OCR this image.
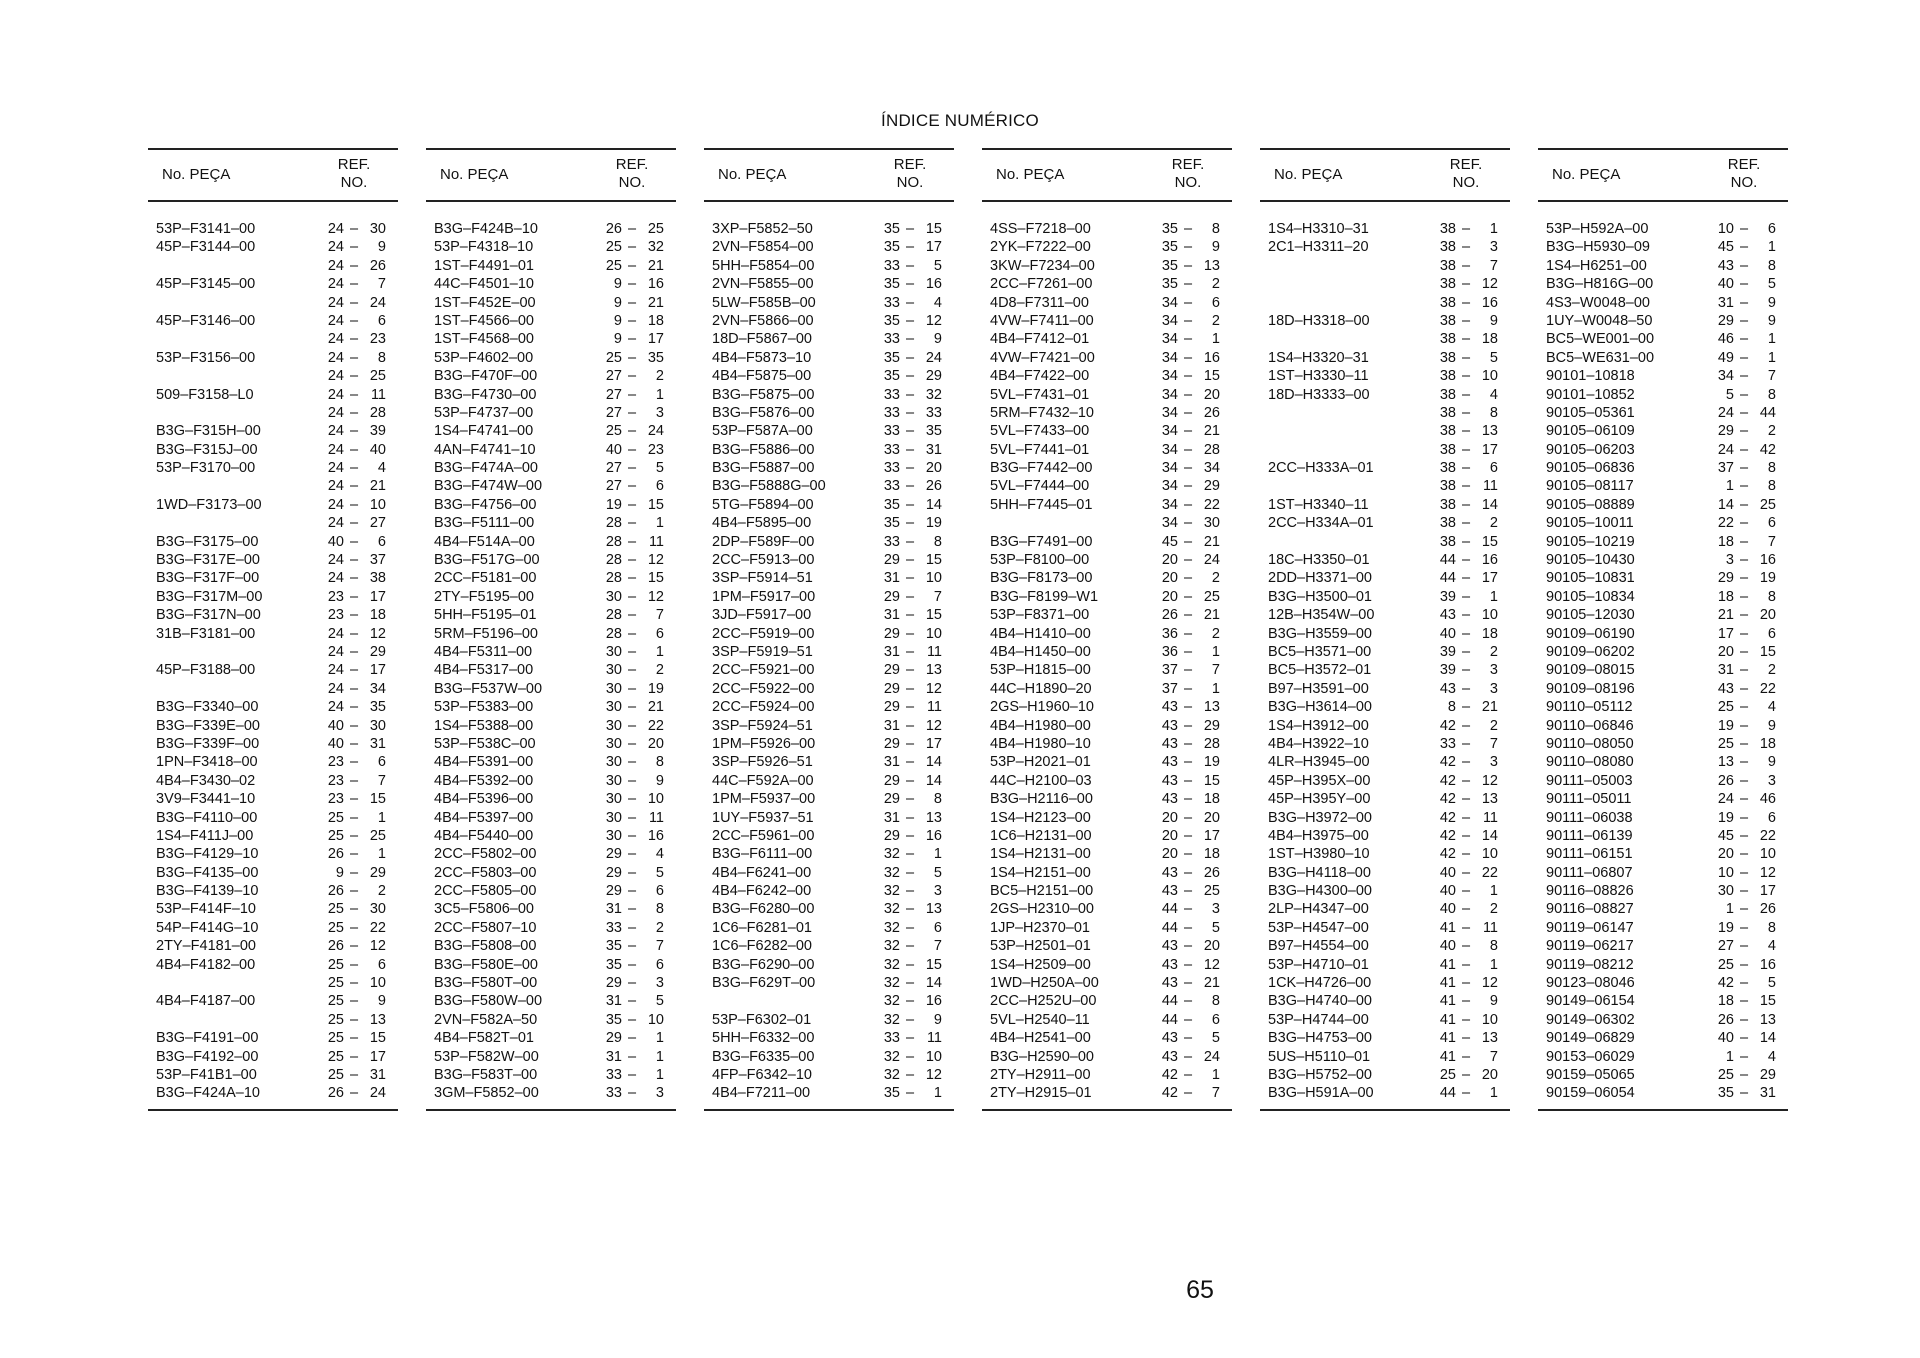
ÍNDICE NUMÉRICO
No. PEÇA
REF.
NO.
53P–F3141–00	24 – 30
45P–F3144–00	24 –	9
24 – 26
45P–F3145–00	24 –	7
24 – 24
45P–F3146–00	24 –	6
24 – 23
53P–F3156–00	24 –	8
24 – 25
509–F3158–L0	24 – 11
24 – 28
B3G–F315H–00	24 – 39
B3G–F315J–00	24 – 40
53P–F3170–00	24 –	4
24 – 21
1WD–F3173–00	24 – 10
24 – 27
B3G–F3175–00	40 –	6
B3G–F317E–00	24 – 37
B3G–F317F–00	24 – 38
B3G–F317M–00	23 – 17
B3G–F317N–00	23 – 18
31B–F3181–00	24 – 12
24 – 29
45P–F3188–00	24 – 17
24 – 34
B3G–F3340–00	24 – 35
B3G–F339E–00	40 – 30
B3G–F339F–00	40 – 31
1PN–F3418–00	23 –	6
4B4–F3430–02	23 –	7
3V9–F3441–10	23 – 15
B3G–F4110–00	25 –	1
1S4–F411J–00	25 – 25
B3G–F4129–10	26 –	1
B3G–F4135–00	9 – 29
B3G–F4139–10	26 –	2
53P–F414F–10	25 – 30
54P–F414G–10	25 – 22
2TY–F4181–00	26 – 12
4B4–F4182–00	25 –	6
25 – 10
4B4–F4187–00	25 –	9
25 – 13
B3G–F4191–00	25 – 15
B3G–F4192–00	25 – 17
53P–F41B1–00	25 – 31
B3G–F424A–10	26 – 24
No. PEÇA
REF.
NO.
B3G–F424B–10	26 – 25
53P–F4318–10	25 – 32
1ST–F4491–01	25 – 21
44C–F4501–10	9 – 16
1ST–F452E–00	9 – 21
1ST–F4566–00	9 – 18
1ST–F4568–00	9 – 17
53P–F4602–00	25 – 35
B3G–F470F–00	27 –	2
B3G–F4730–00	27 –	1
53P–F4737–00	27 –	3
1S4–F4741–00	25 – 24
4AN–F4741–10	40 – 23
B3G–F474A–00	27 –	5
B3G–F474W–00	27 –	6
B3G–F4756–00	19 – 15
B3G–F5111–00	28 –	1
4B4–F514A–00	28 – 11
B3G–F517G–00	28 – 12
2CC–F5181–00	28 – 15
2TY–F5195–00	30 – 12
5HH–F5195–01	28 –	7
5RM–F5196–00	28 –	6
4B4–F5311–00	30 –	1
4B4–F5317–00	30 –	2
B3G–F537W–00	30 – 19
53P–F5383–00	30 – 21
1S4–F5388–00	30 – 22
53P–F538C–00	30 – 20
4B4–F5391–00	30 –	8
4B4–F5392–00	30 –	9
4B4–F5396–00	30 – 10
4B4–F5397–00	30 – 11
4B4–F5440–00	30 – 16
2CC–F5802–00	29 –	4
2CC–F5803–00	29 –	5
2CC–F5805–00	29 –	6
3C5–F5806–00	31 –	8
2CC–F5807–10	33 –	2
B3G–F5808–00	35 –	7
B3G–F580E–00	35 –	6
B3G–F580T–00	29 –	3
B3G–F580W–00	31 –	5
2VN–F582A–50	35 – 10
4B4–F582T–01	29 –	1
53P–F582W–00	31 –	1
B3G–F583T–00	33 –	1
3GM–F5852–00	33 –	3
No. PEÇA
REF.
NO.
3XP–F5852–50	35 – 15
2VN–F5854–00	35 – 17
5HH–F5854–00	33 –	5
2VN–F5855–00	35 – 16
5LW–F585B–00	33 –	4
2VN–F5866–00	35 – 12
18D–F5867–00	33 –	9
4B4–F5873–10	35 – 24
4B4–F5875–00	35 – 29
B3G–F5875–00	33 – 32
B3G–F5876–00	33 – 33
53P–F587A–00	33 – 35
B3G–F5886–00	33 – 31
B3G–F5887–00	33 – 20
B3G–F5888G–00	33 – 26
5TG–F5894–00	35 – 14
4B4–F5895–00	35 – 19
2DP–F589F–00	33 –	8
2CC–F5913–00	29 – 15
3SP–F5914–51	31 – 10
1PM–F5917–00	29 –	7
3JD–F5917–00	31 – 15
2CC–F5919–00	29 – 10
3SP–F5919–51	31 – 11
2CC–F5921–00	29 – 13
2CC–F5922–00	29 – 12
2CC–F5924–00	29 – 11
3SP–F5924–51	31 – 12
1PM–F5926–00	29 – 17
3SP–F5926–51	31 – 14
44C–F592A–00	29 – 14
1PM–F5937–00	29 –	8
1UY–F5937–51	31 – 13
2CC–F5961–00	29 – 16
B3G–F6111–00	32 –	1
4B4–F6241–00	32 –	5
4B4–F6242–00	32 –	3
B3G–F6280–00	32 – 13
1C6–F6281–01	32 –	6
1C6–F6282–00	32 –	7
B3G–F6290–00	32 – 15
B3G–F629T–00	32 – 14
32 – 16
53P–F6302–01	32 –	9
5HH–F6332–00	33 – 11
B3G–F6335–00	32 – 10
4FP–F6342–10	32 – 12
4B4–F7211–00	35 –	1
No. PEÇA
REF.
NO.
4SS–F7218–00	35 –	8
2YK–F7222–00	35 –	9
3KW–F7234–00	35 – 13
2CC–F7261–00	35 –	2
4D8–F7311–00	34 –	6
4VW–F7411–00	34 –	2
4B4–F7412–01	34 –	1
4VW–F7421–00	34 – 16
4B4–F7422–00	34 – 15
5VL–F7431–01	34 – 20
5RM–F7432–10	34 – 26
5VL–F7433–00	34 – 21
5VL–F7441–01	34 – 28
B3G–F7442–00	34 – 34
5VL–F7444–00	34 – 29
5HH–F7445–01	34 – 22
34 – 30
B3G–F7491–00	45 – 21
53P–F8100–00	20 – 24
B3G–F8173–00	20 –	2
B3G–F8199–W1	20 – 25
53P–F8371–00	26 – 21
4B4–H1410–00	36 –	2
4B4–H1450–00	36 –	1
53P–H1815–00	37 –	7
44C–H1890–20	37 –	1
2GS–H1960–10	43 – 13
4B4–H1980–00	43 – 29
4B4–H1980–10	43 – 28
53P–H2021–01	43 – 19
44C–H2100–03	43 – 15
B3G–H2116–00	43 – 18
1S4–H2123–00	20 – 20
1C6–H2131–00	20 – 17
1S4–H2131–00	20 – 18
1S4–H2151–00	43 – 26
BC5–H2151–00	43 – 25
2GS–H2310–00	44 –	3
1JP–H2370–01	44 –	5
53P–H2501–01	43 – 20
1S4–H2509–00	43 – 12
1WD–H250A–00	43 – 21
2CC–H252U–00	44 –	8
5VL–H2540–11	44 –	6
4B4–H2541–00	43 –	5
B3G–H2590–00	43 – 24
2TY–H2911–00	42 –	1
2TY–H2915–01	42 –	7
No. PEÇA
REF.
NO.
1S4–H3310–31	38 –	1
2C1–H3311–20	38 –	3
38 –	7
38 – 12
38 – 16
18D–H3318–00	38 –	9
38 – 18
1S4–H3320–31	38 –	5
1ST–H3330–11	38 – 10
18D–H3333–00	38 –	4
38 –	8
38 – 13
38 – 17
2CC–H333A–01	38 –	6
38 – 11
1ST–H3340–11	38 – 14
2CC–H334A–01	38 –	2
38 – 15
18C–H3350–01	44 – 16
2DD–H3371–00	44 – 17
B3G–H3500–01	39 –	1
12B–H354W–00	43 – 10
B3G–H3559–00	40 – 18
BC5–H3571–00	39 –	2
BC5–H3572–01	39 –	3
B97–H3591–00	43 –	3
B3G–H3614–00	8 – 21
1S4–H3912–00	42 –	2
4B4–H3922–10	33 –	7
4LR–H3945–00	42 –	3
45P–H395X–00	42 – 12
45P–H395Y–00	42 – 13
B3G–H3972–00	42 – 11
4B4–H3975–00	42 – 14
1ST–H3980–10	42 – 10
B3G–H4118–00	40 – 22
B3G–H4300–00	40 –	1
2LP–H4347–00	40 –	2
53P–H4547–00	41 – 11
B97–H4554–00	40 –	8
53P–H4710–01	41 –	1
1CK–H4726–00	41 – 12
B3G–H4740–00	41 –	9
53P–H4744–00	41 – 10
B3G–H4753–00	41 – 13
5US–H5110–01	41 –	7
B3G–H5752–00	25 – 20
B3G–H591A–00	44 –	1
No. PEÇA
REF.
NO.
53P–H592A–00	10 –	6
B3G–H5930–09	45 –	1
1S4–H6251–00	43 –	8
B3G–H816G–00	40 –	5
4S3–W0048–00	31 –	9
1UY–W0048–50	29 –	9
BC5–WE001–00	46 –	1
BC5–WE631–00	49 –	1
90101–10818	34 –	7
90101–10852	5 –	8
90105–05361	24 – 44
90105–06109	29 –	2
90105–06203	24 – 42
90105–06836	37 –	8
90105–08117	1 –	8
90105–08889	14 – 25
90105–10011	22 –	6
90105–10219	18 –	7
90105–10430	3 – 16
90105–10831	29 – 19
90105–10834	18 –	8
90105–12030	21 – 20
90109–06190	17 –	6
90109–06202	20 – 15
90109–08015	31 –	2
90109–08196	43 – 22
90110–05112	25 –	4
90110–06846	19 –	9
90110–08050	25 – 18
90110–08080	13 –	9
90111–05003	26 –	3
90111–05011	24 – 46
90111–06038	19 –	6
90111–06139	45 – 22
90111–06151	20 – 10
90111–06807	10 – 12
90116–08826	30 – 17
90116–08827	1 – 26
90119–06147	19 –	8
90119–06217	27 –	4
90119–08212	25 – 16
90123–08046	42 –	5
90149–06154	18 – 15
90149–06302	26 – 13
90149–06829	40 – 14
90153–06029	1 –	4
90159–05065	25 – 29
90159–06054	35 – 31
65
